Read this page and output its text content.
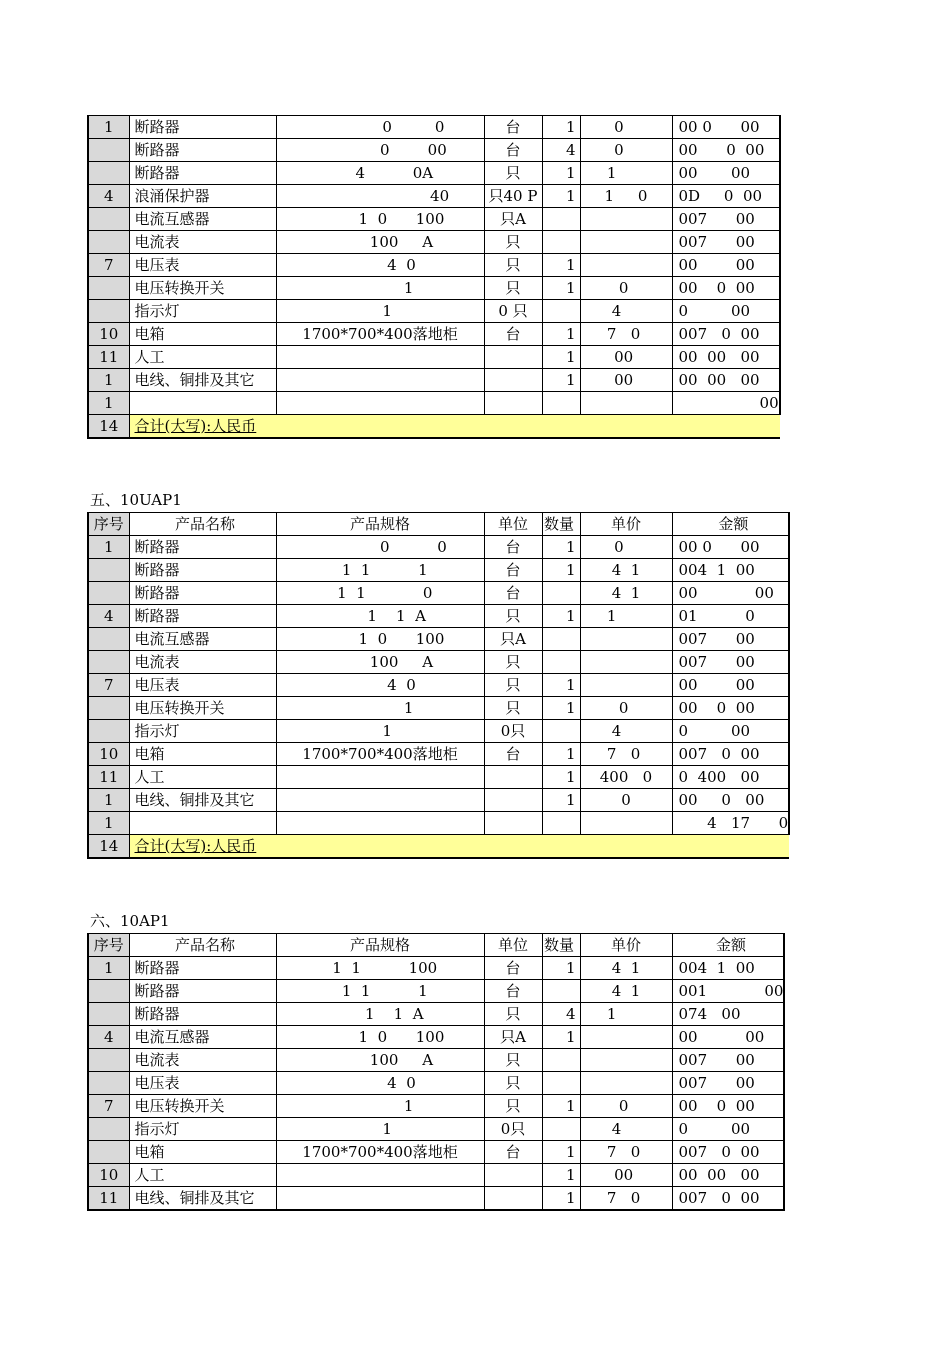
1	断路器	0         0	台	1	0	00 0      00
	断路器	0        00	台	4	0	00      0  00
	断路器	4          0A	只	1	1	00       00
4	浪涌保护器	40	只40 P	1	1     0	0D     0  00
	电流互感器	1  0      100	只A			007      00
	电流表	100     A	只			007      00
7	电压表	4  0	只	1		00        00
	电压转换开关	1	只	1	0	00    0  00
	指示灯	1	0 只		4	0         00
10	电箱	1700*700*400落地柜	台	1	7   0	007   0  00
11	人工			1	00	00  00   00
1	电线、铜排及其它			1	00	00  00   00
1						00
14	合计(大写):人民币					
五、10UAP1
序号	产品名称	产品规格	单位	数量	单价	金额
1	断路器	0          0	台	1	0	00 0      00
	断路器	1  1          1	台	1	4  1	004  1  00
	断路器	1  1            0	台		4  1	00            00
4	断路器	1    1  A	只	1	1	01          0
	电流互感器	1  0      100	只A			007      00
	电流表	100     A	只			007      00
7	电压表	4  0	只	1		00        00
	电压转换开关	1	只	1	0	00    0  00
	指示灯	1	0只		4	0         00
10	电箱	1700*700*400落地柜	台	1	7   0	007   0  00
11	人工			1	400   0	0  400   00
1	电线、铜排及其它			1	0	00     0   00
1						4   17      0
14	合计(大写):人民币					
六、10AP1
序号	产品名称	产品规格	单位	数量	单价	金额
1	断路器	1  1          100	台	1	4  1	004  1  00
	断路器	1  1          1	台		4  1	001            00
	断路器	1    1  A	只	4	1	074   00
4	电流互感器	1  0      100	只A	1		00          00
	电流表	100     A	只			007      00
	电压表	4  0	只			007      00
7	电压转换开关	1	只	1	0	00    0  00
	指示灯	1	0只		4	0         00
	电箱	1700*700*400落地柜	台	1	7   0	007   0  00
10	人工			1	00	00  00   00
11	电线、铜排及其它			1	7   0	007   0  00
